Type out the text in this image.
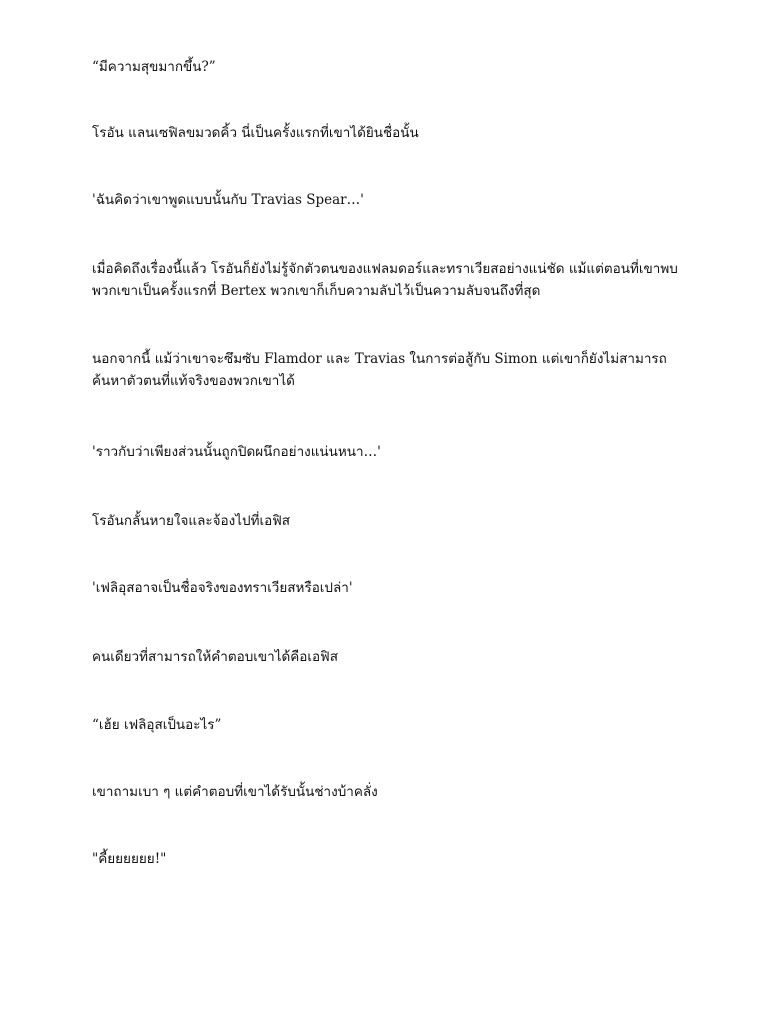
“มีความสุขมากขึ้น?”

โรอัน แลนเซฟิลขมวดคิ้ว นี่เป็นครั้งแรกที่เขาได้ยินชื่อนั้น

'ฉันคิดว่าเขาพูดแบบนั้นกับ Travias Spear…'

เมื่อคิดถึงเรื่องนี้แล้ว โรอันก็ยังไม่รู้จักตัวตนของแฟลมดอร์และทราเวียสอย่างแน่ชัด แม้แต่ตอนที่เขาพบพวกเขาเป็นครั้งแรกที่ Bertex พวกเขาก็เก็บความลับไว้เป็นความลับจนถึงที่สุด

นอกจากนี้ แม้ว่าเขาจะซึมซับ Flamdor และ Travias ในการต่อสู้กับ Simon แต่เขาก็ยังไม่สามารถค้นหาตัวตนที่แท้จริงของพวกเขาได้

'ราวกับว่าเพียงส่วนนั้นถูกปิดผนึกอย่างแน่นหนา…'

โรอันกลั้นหายใจและจ้องไปที่เอฟิส

'เฟลิอุสอาจเป็นชื่อจริงของทราเวียสหรือเปล่า'

คนเดียวที่สามารถให้คำตอบเขาได้คือเอฟิส

“เฮ้ย เฟลิอุสเป็นอะไร”

เขาถามเบา ๆ แต่คำตอบที่เขาได้รับนั้นช่างบ้าคลั่ง

"คี้ยยยยยย!"
